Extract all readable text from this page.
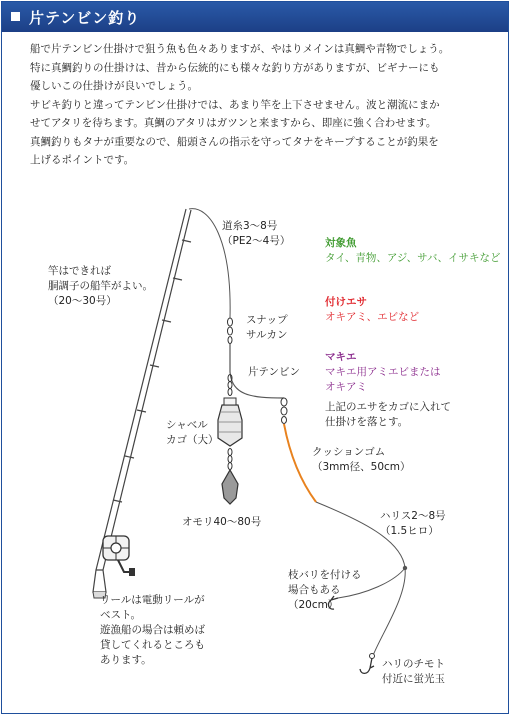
片テンビン釣り

船で片テンビン仕掛けで狙う魚も色々ありますが、やはりメインは真鯛や青物でしょう。

特に真鯛釣りの仕掛けは、昔から伝統的にも様々な釣り方がありますが、ビギナーにも

優しいこの仕掛けが良いでしょう。

サビキ釣りと違ってテンビン仕掛けでは、あまり竿を上下させません。波と潮流にまか

せてアタリを待ちます。真鯛のアタリはガツンと来ますから、即座に強く合わせます。

真鯛釣りもタナが重要なので、船頭さんの指示を守ってタナをキープすることが釣果を

上げるポイントです。

竿はできれば
胴調子の船竿がよい。
（20〜30号）
道糸3〜8号
（PE2〜4号）
スナップ
サルカン
片テンビン
シャベル
カゴ（大）
オモリ40〜80号
クッションゴム
（3mm径、50cm）
ハリス2〜8号
（1.5ヒロ）
枝バリを付ける
場合もある
（20cm）
ハリのチモト
付近に蛍光玉
リールは電動リールが
ベスト。
遊漁船の場合は頼めば
貸してくれるところも
あります。
対象魚
タイ、青物、アジ、サバ、イサキなど
付けエサ
オキアミ、エビなど
マキエ
マキエ用アミエビまたは
オキアミ
上記のエサをカゴに入れて
仕掛けを落とす。
